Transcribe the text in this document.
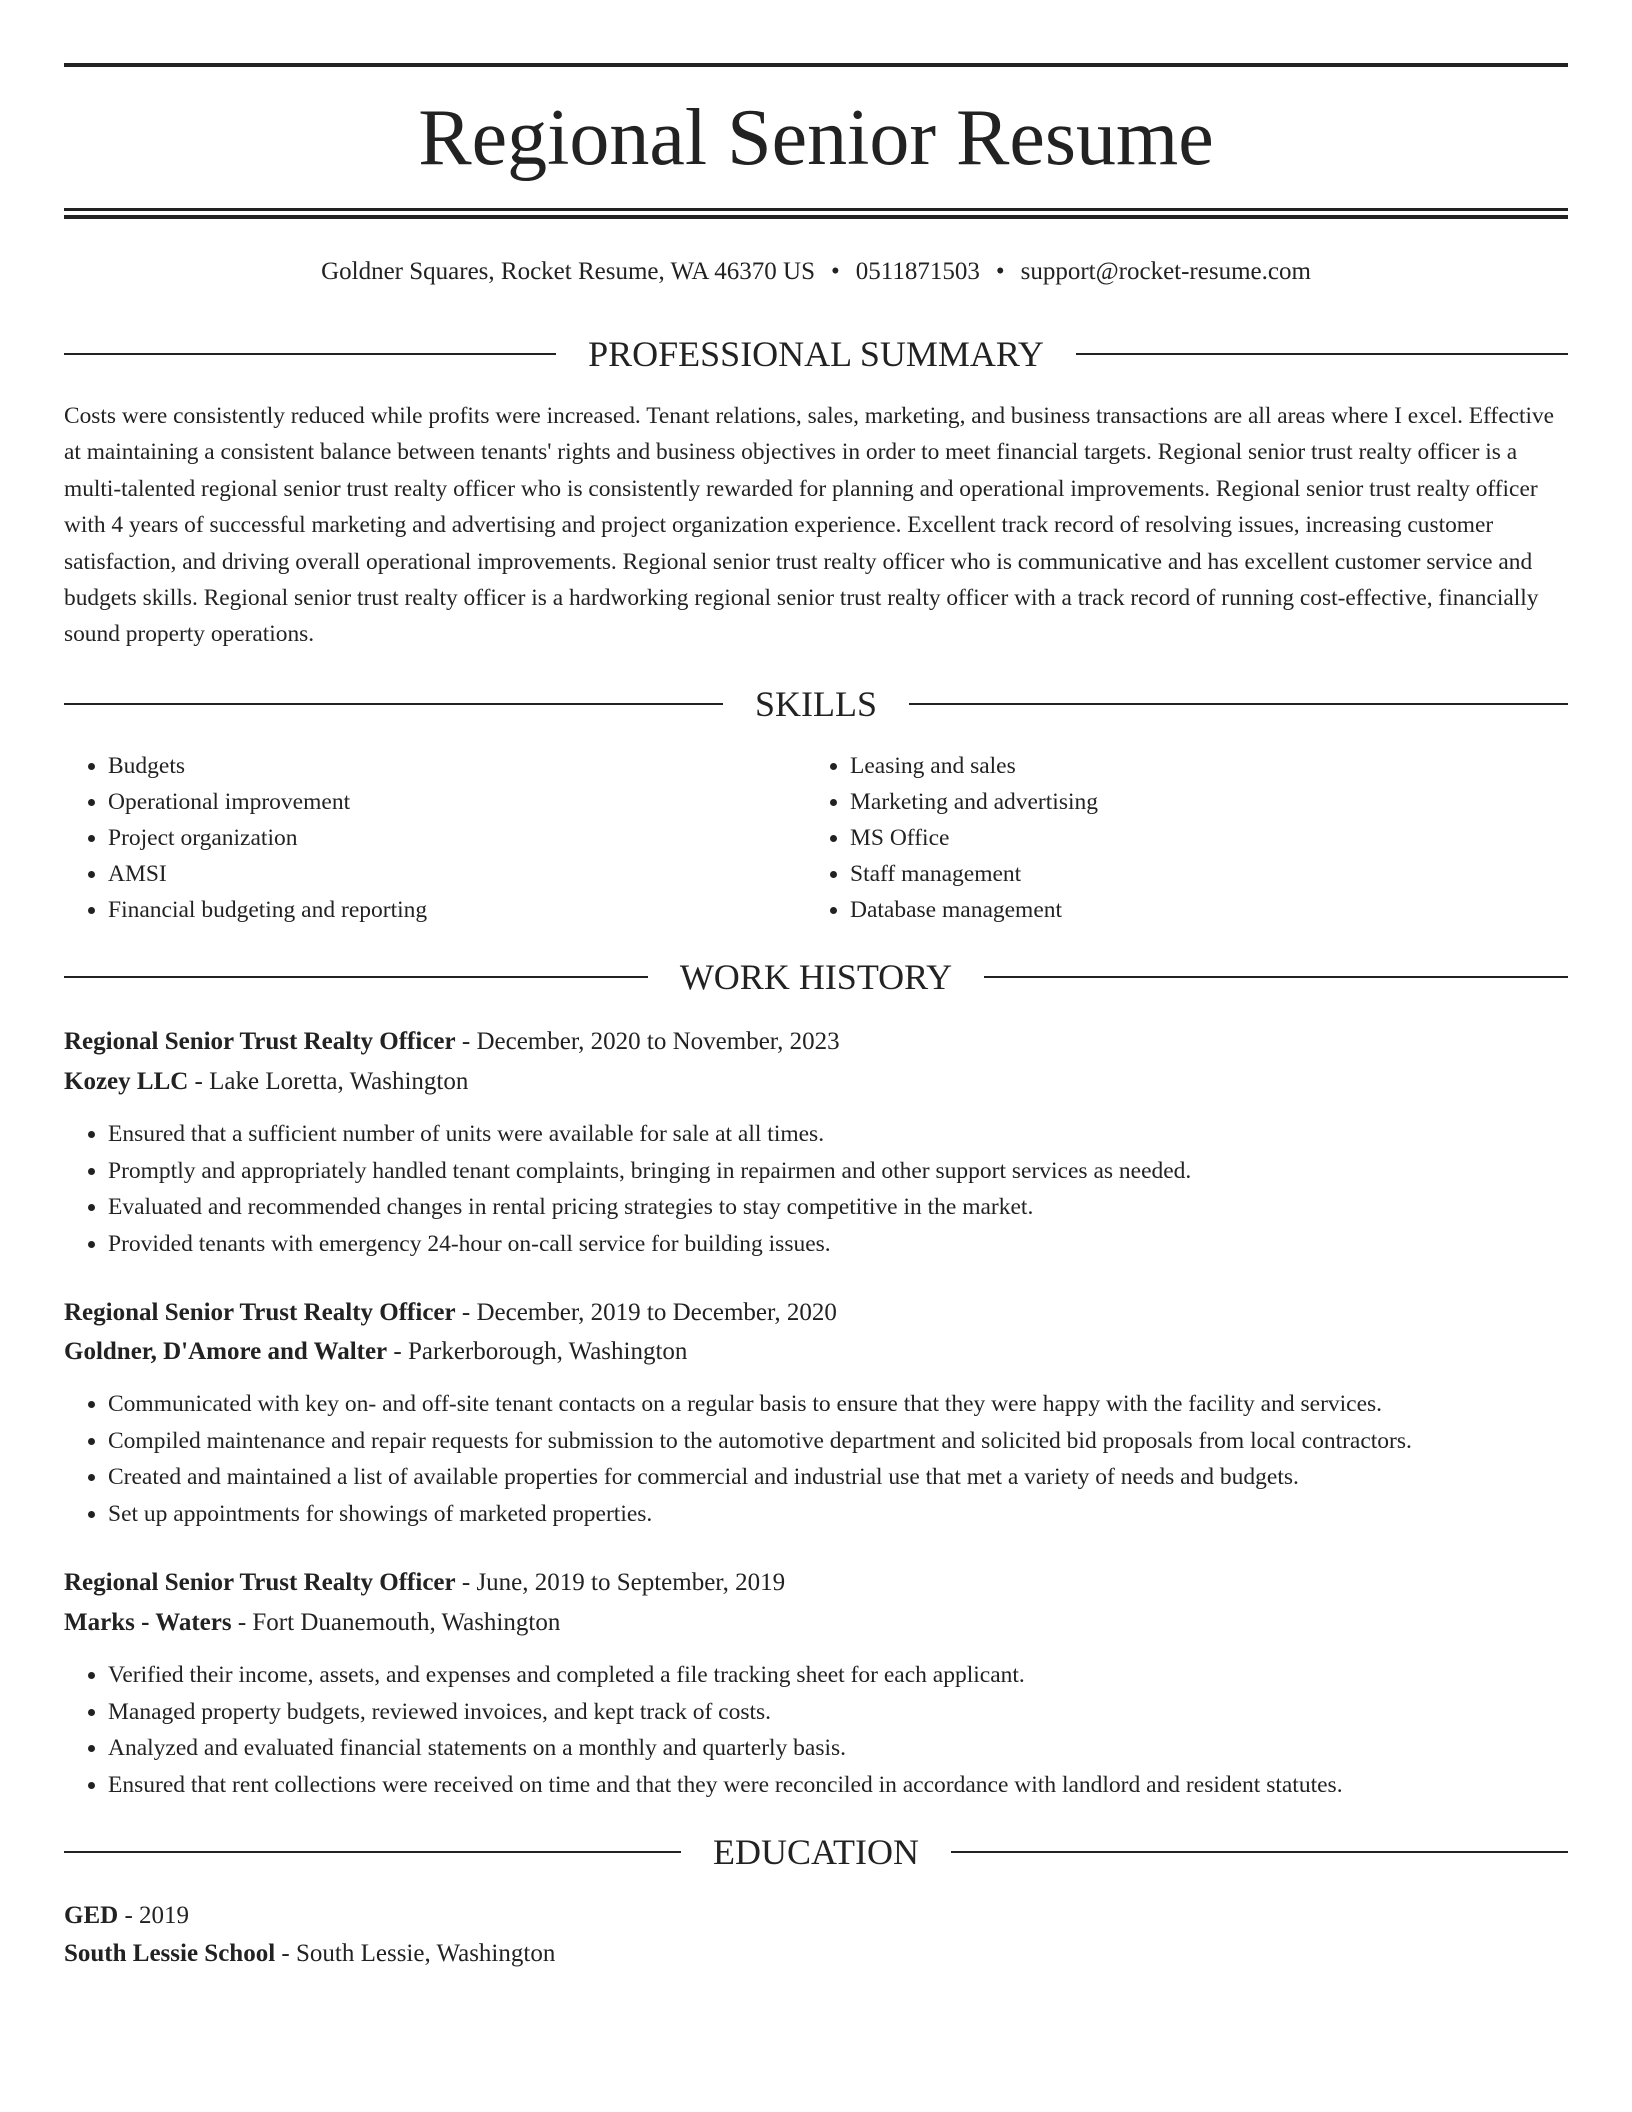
Regional Senior Resume
Goldner Squares, Rocket Resume, WA 46370 US • 0511871503 • support@rocket-resume.com
PROFESSIONAL SUMMARY

Costs were consistently reduced while profits were increased. Tenant relations, sales, marketing, and business transactions are all areas where I excel. Effective at maintaining a consistent balance between tenants' rights and business objectives in order to meet financial targets. Regional senior trust realty officer is a multi-talented regional senior trust realty officer who is consistently rewarded for planning and operational improvements. Regional senior trust realty officer with 4 years of successful marketing and advertising and project organization experience. Excellent track record of resolving issues, increasing customer satisfaction, and driving overall operational improvements. Regional senior trust realty officer who is communicative and has excellent customer service and budgets skills. Regional senior trust realty officer is a hardworking regional senior trust realty officer with a track record of running cost-effective, financially sound property operations.

SKILLS
• Budgets
• Operational improvement
• Project organization
• AMSI
• Financial budgeting and reporting
• Leasing and sales
• Marketing and advertising
• MS Office
• Staff management
• Database management
WORK HISTORY

Regional Senior Trust Realty Officer - December, 2020 to November, 2023

Kozey LLC - Lake Loretta, Washington

• Ensured that a sufficient number of units were available for sale at all times.
• Promptly and appropriately handled tenant complaints, bringing in repairmen and other support services as needed.
• Evaluated and recommended changes in rental pricing strategies to stay competitive in the market.
• Provided tenants with emergency 24-hour on-call service for building issues.

Regional Senior Trust Realty Officer - December, 2019 to December, 2020

Goldner, D'Amore and Walter - Parkerborough, Washington

• Communicated with key on- and off-site tenant contacts on a regular basis to ensure that they were happy with the facility and services.
• Compiled maintenance and repair requests for submission to the automotive department and solicited bid proposals from local contractors.
• Created and maintained a list of available properties for commercial and industrial use that met a variety of needs and budgets.
• Set up appointments for showings of marketed properties.

Regional Senior Trust Realty Officer - June, 2019 to September, 2019

Marks - Waters - Fort Duanemouth, Washington

• Verified their income, assets, and expenses and completed a file tracking sheet for each applicant.
• Managed property budgets, reviewed invoices, and kept track of costs.
• Analyzed and evaluated financial statements on a monthly and quarterly basis.
• Ensured that rent collections were received on time and that they were reconciled in accordance with landlord and resident statutes.
EDUCATION

GED - 2019

South Lessie School - South Lessie, Washington
